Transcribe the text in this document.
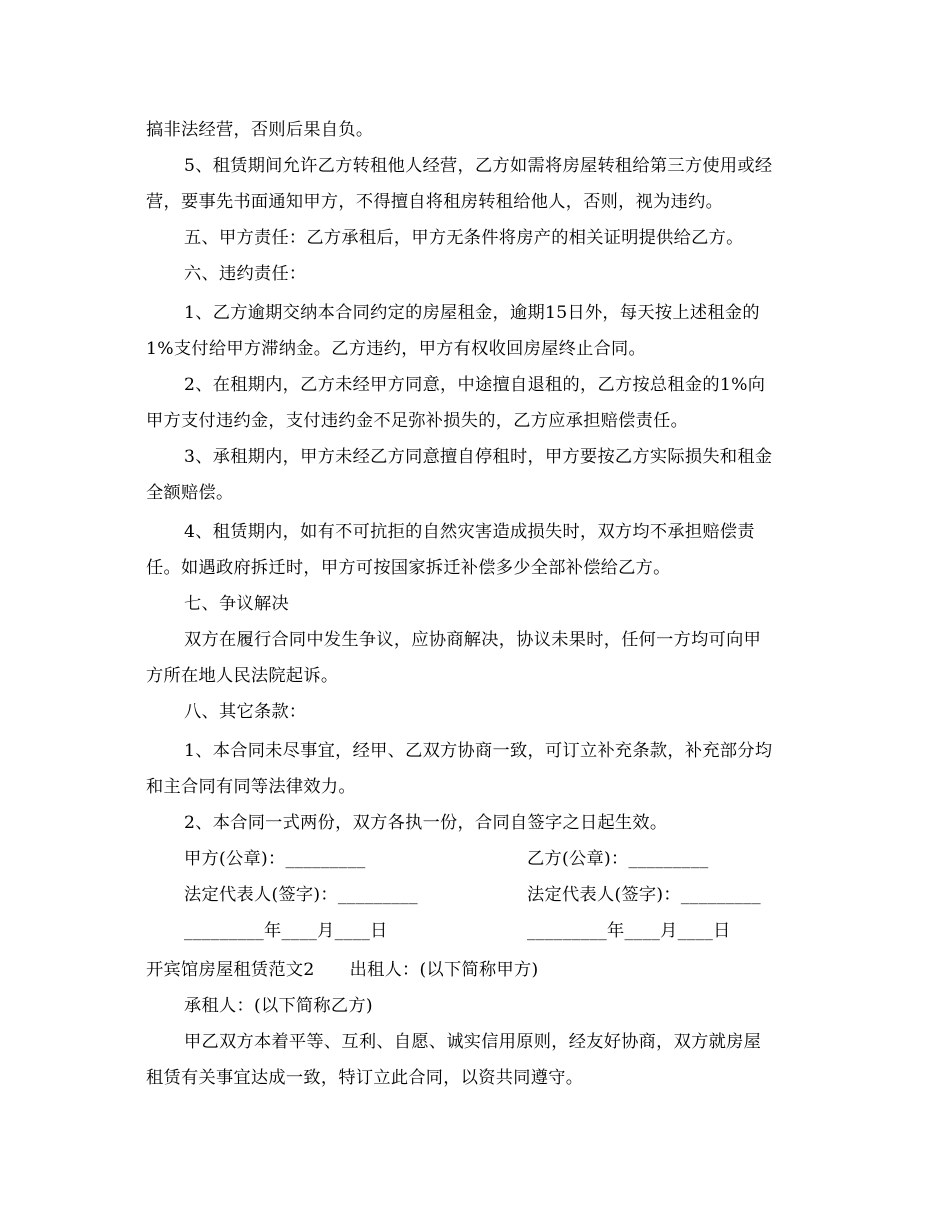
搞非法经营，否则后果自负。
5、租赁期间允许乙方转租他人经营，乙方如需将房屋转租给第三方使用或经
营，要事先书面通知甲方，不得擅自将租房转租给他人，否则，视为违约。
五、甲方责任：乙方承租后，甲方无条件将房产的相关证明提供给乙方。
六、违约责任：
1、乙方逾期交纳本合同约定的房屋租金，逾期15日外，每天按上述租金的
1%支付给甲方滞纳金。乙方违约，甲方有权收回房屋终止合同。
2、在租期内，乙方未经甲方同意，中途擅自退租的，乙方按总租金的1%向
甲方支付违约金，支付违约金不足弥补损失的，乙方应承担赔偿责任。
3、承租期内，甲方未经乙方同意擅自停租时，甲方要按乙方实际损失和租金
全额赔偿。
4、租赁期内，如有不可抗拒的自然灾害造成损失时，双方均不承担赔偿责
任。如遇政府拆迁时，甲方可按国家拆迁补偿多少全部补偿给乙方。
七、争议解决
双方在履行合同中发生争议，应协商解决，协议未果时，任何一方均可向甲
方所在地人民法院起诉。
八、其它条款：
1、本合同未尽事宜，经甲、乙双方协商一致，可订立补充条款，补充部分均
和主合同有同等法律效力。
2、本合同一式两份，双方各执一份，合同自签字之日起生效。
甲方(公章)：_________	乙方(公章)：_________
法定代表人(签字)：_________	法定代表人(签字)：_________
_________年____月____日	_________年____月____日
开宾馆房屋租赁范文2　　出租人：(以下简称甲方)
承租人：(以下简称乙方)
甲乙双方本着平等、互利、自愿、诚实信用原则，经友好协商，双方就房屋
租赁有关事宜达成一致，特订立此合同，以资共同遵守。
